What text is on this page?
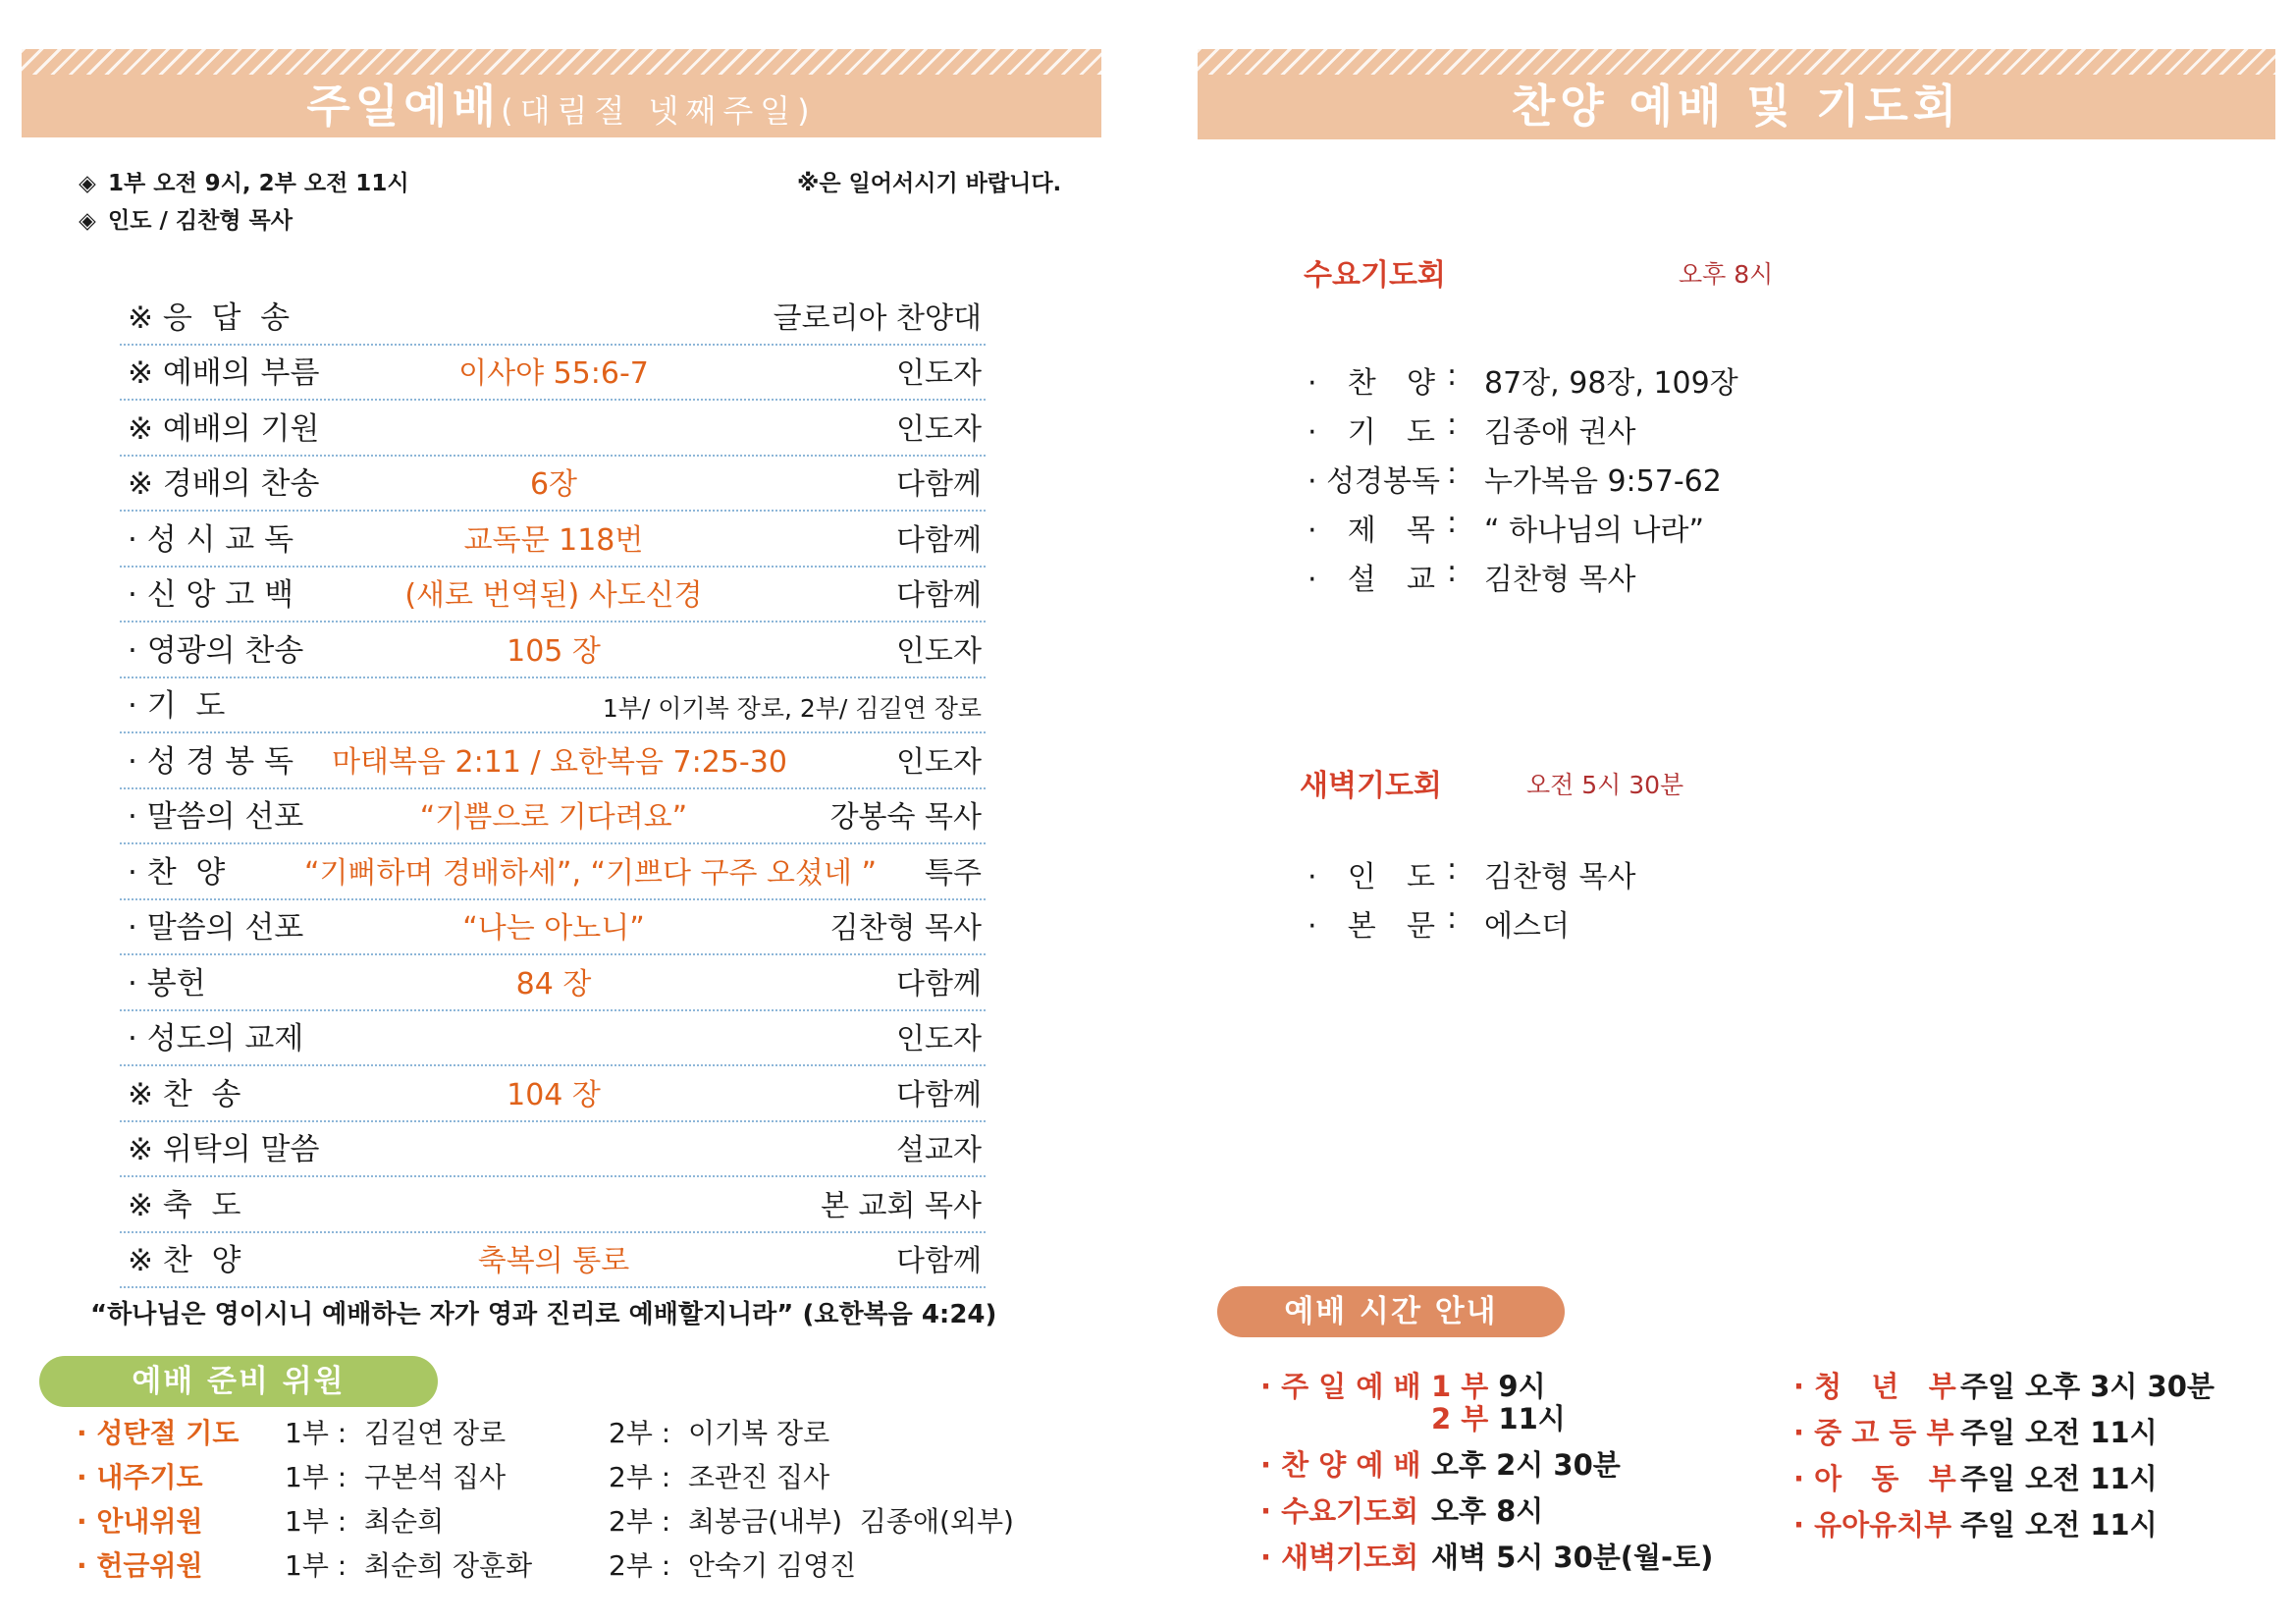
주일예배(대림절 넷째주일)
◈ 1부 오전 9시, 2부 오전 11시
◈ 인도 / 김찬형 목사
※은 일어서시기 바랍니다.
※ 응  답  송	글로리아 찬양대
※ 예배의 부름	이사야 55:6-7	인도자
※ 예배의 기원	인도자
※ 경배의 찬송	6장	다함께
· 성 시 교 독	교독문 118번	다함께
· 신 앙 고 백	(새로 번역된) 사도신경	다함께
· 영광의 찬송	105 장	인도자
· 기  도	1부/ 이기복 장로, 2부/ 김길연 장로
· 성 경 봉 독	마태복음 2:11 / 요한복음 7:25-30	인도자
· 말씀의 선포	“기쁨으로 기다려요”	강봉숙 목사
· 찬  양	“기뻐하며 경배하세”, “기쁘다 구주 오셨네 ” 특주
· 말씀의 선포	“나는 아노니”	김찬형 목사
· 봉헌	84 장	다함께
· 성도의 교제	인도자
※ 찬  송	104 장	다함께
※ 위탁의 말씀	설교자
※ 축  도	본 교회 목사
※ 찬  양	축복의 통로	다함께
“하나님은 영이시니 예배하는 자가 영과 진리로 예배할지니라” (요한복음 4:24)
예배 준비 위원
· 성탄절 기도 1부 :  김길연 장로	2부 :  이기복 장로
· 내주기도	1부 :  구본석 집사	2부 :  조관진 집사
· 안내위원	1부 :  최순희	2부 :  최봉금(내부)  김종애(외부)
· 헌금위원	1부 :  최순희 장훈화	2부 :  안숙기 김영진
찬양 예배 및 기도회
수요기도회	오후 8시
· 찬 양 : 87장, 98장, 109장
· 기 도 : 김종애 권사
· 성경봉독 : 누가복음 9:57-62
· 제 목 : “ 하나님의 나라”
· 설 교 : 김찬형 목사
새벽기도회	오전 5시 30분
· 인 도 : 김찬형 목사
· 본 문 : 에스더
예배 시간 안내
· 주 일 예 배 1 부 9시
2 부 11시
· 찬 양 예 배 오후 2시 30분
· 수요기도회 오후 8시
· 새벽기도회 새벽 5시 30분(월-토)
· 청   년   부 주일 오후 3시 30분
· 중 고 등 부 주일 오전 11시
· 아   동   부 주일 오전 11시
· 유아유치부 주일 오전 11시
